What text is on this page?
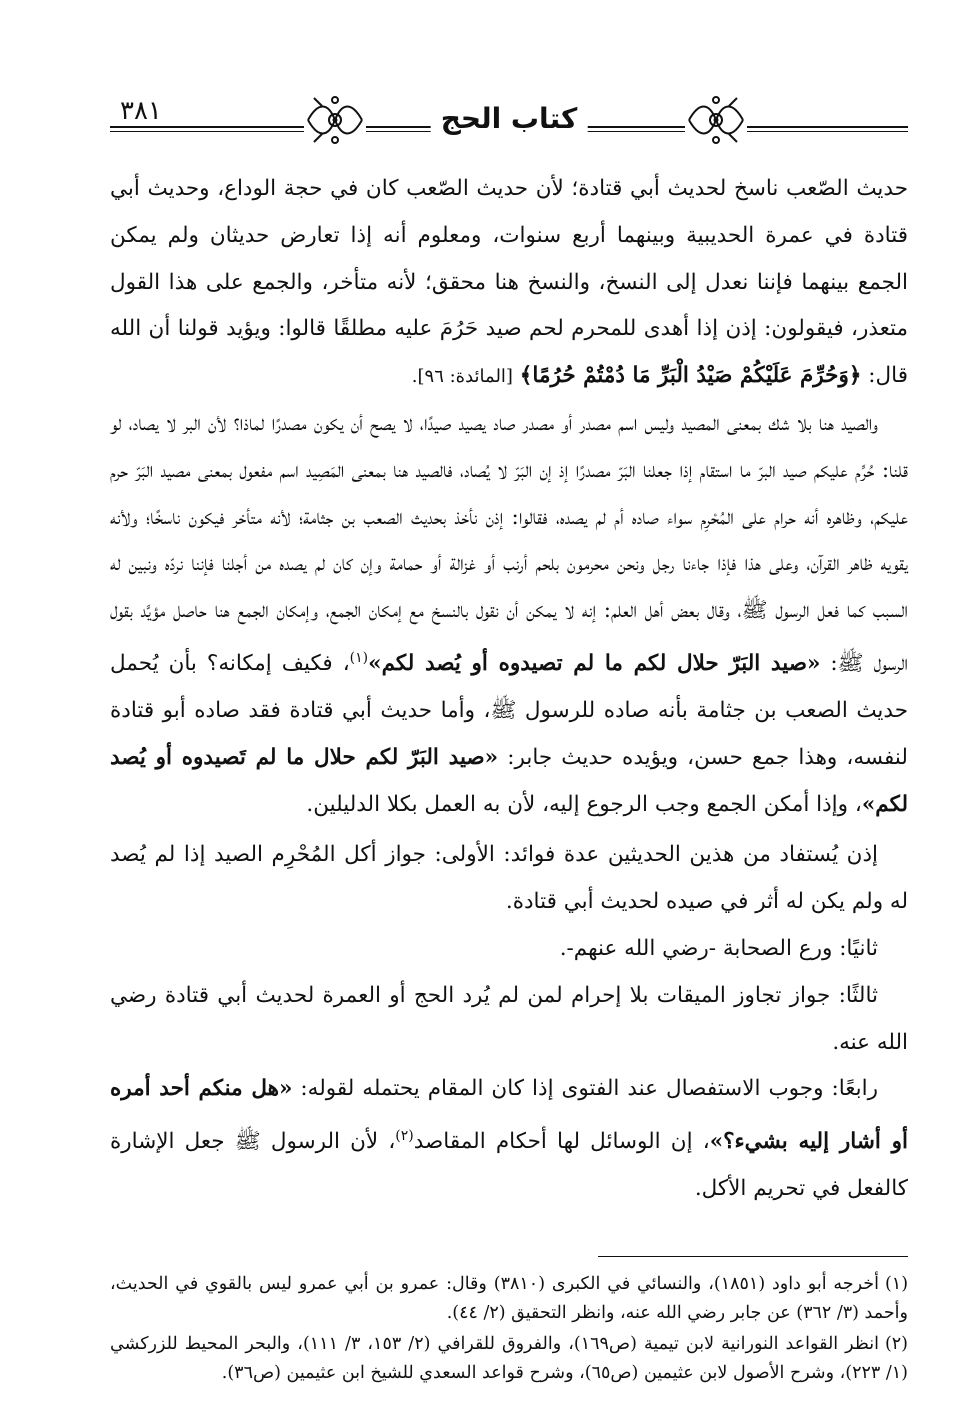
٣٨١	كتاب الحج

حديث الصّعب ناسخ لحديث أبي قتادة؛ لأن حديث الصّعب كان في حجة الوداع، وحديث أبي قتادة في عمرة الحديبية وبينهما أربع سنوات، ومعلوم أنه إذا تعارض حديثان ولم يمكن الجمع بينهما فإننا نعدل إلى النسخ، والنسخ هنا محقق؛ لأنه متأخر، والجمع على هذا القول متعذر، فيقولون: إذن إذا أهدى للمحرم لحم صيد حَرُمَ عليه مطلقًا قالوا: ويؤيد قولنا أن الله قال: ﴿وَحُرِّمَ عَلَيْكُمْ صَيْدُ الْبَرِّ مَا دُمْتُمْ حُرُمًا﴾ [المائدة: ٩٦].

والصيد هنا بلا شك بمعنى المصيد وليس اسم مصدر أو مصدر صاد يصيد صيدًا، لا يصح أن يكون مصدرًا لماذا؟ لأن البر لا يصاد، لو قلنا: حُرِّم عليكم صيد البرّ ما استقام إذا جعلنا البَرّ مصدرًا إذ إن البَرّ لا يُصاد، فالصيد هنا بمعنى المَصِيد اسم مفعول بمعنى مصيد البَرّ حرم عليكم، وظاهره أنه حرام على المُحْرِم سواء صاده أم لم يصده، فقالوا: إذن نأخذ بحديث الصعب بن جثامة؛ لأنه متأخر فيكون ناسخًا؛ ولأنه يقويه ظاهر القرآن، وعلى هذا فإذا جاءنا رجل ونحن محرمون بلحم أرنب أو غزالة أو حمامة وإن كان لم يصده من أجلنا فإننا نردّه ونبين له السبب كما فعل الرسول ﷺ، وقال بعض أهل العلم: إنه لا يمكن أن نقول بالنسخ مع إمكان الجمع، وإمكان الجمع هنا حاصل مؤيَّد بقول الرسول ﷺ: «صيد البَرّ حلال لكم ما لم تصيدوه أو يُصد لكم»$^{(١)}$، فكيف إمكانه؟ بأن يُحمل حديث الصعب بن جثامة بأنه صاده للرسول ﷺ، وأما حديث أبي قتادة فقد صاده أبو قتادة لنفسه، وهذا جمع حسن، ويؤيده حديث جابر: «صيد البَرّ لكم حلال ما لم تَصيدوه أو يُصد لكم»، وإذا أمكن الجمع وجب الرجوع إليه، لأن به العمل بكلا الدليلين.

إذن يُستفاد من هذين الحديثين عدة فوائد: الأولى: جواز أكل المُحْرِم الصيد إذا لم يُصد له ولم يكن له أثر في صيده لحديث أبي قتادة.

ثانيًا: ورع الصحابة -رضي الله عنهم-.

ثالثًا: جواز تجاوز الميقات بلا إحرام لمن لم يُرد الحج أو العمرة لحديث أبي قتادة رضي الله عنه.

رابعًا: وجوب الاستفصال عند الفتوى إذا كان المقام يحتمله لقوله: «هل منكم أحد أمره أو أشار إليه بشيء؟»، إن الوسائل لها أحكام المقاصد$^{(٢)}$، لأن الرسول ﷺ جعل الإشارة كالفعل في تحريم الأكل.

(١)أخرجه أبو داود (١٨٥١)، والنسائي في الكبرى (٣٨١٠) وقال: عمرو بن أبي عمرو ليس بالقوي في الحديث، وأحمد (٣/ ٣٦٢) عن جابر رضي الله عنه، وانظر التحقيق (٢/ ٤٤).

(٢)انظر القواعد النورانية لابن تيمية (ص١٦٩)، والفروق للقرافي (٢/ ١٥٣، ٣/ ١١١)، والبحر المحيط للزركشي (١/ ٢٢٣)، وشرح الأصول لابن عثيمين (ص٦٥)، وشرح قواعد السعدي للشيخ ابن عثيمين (ص٣٦).
